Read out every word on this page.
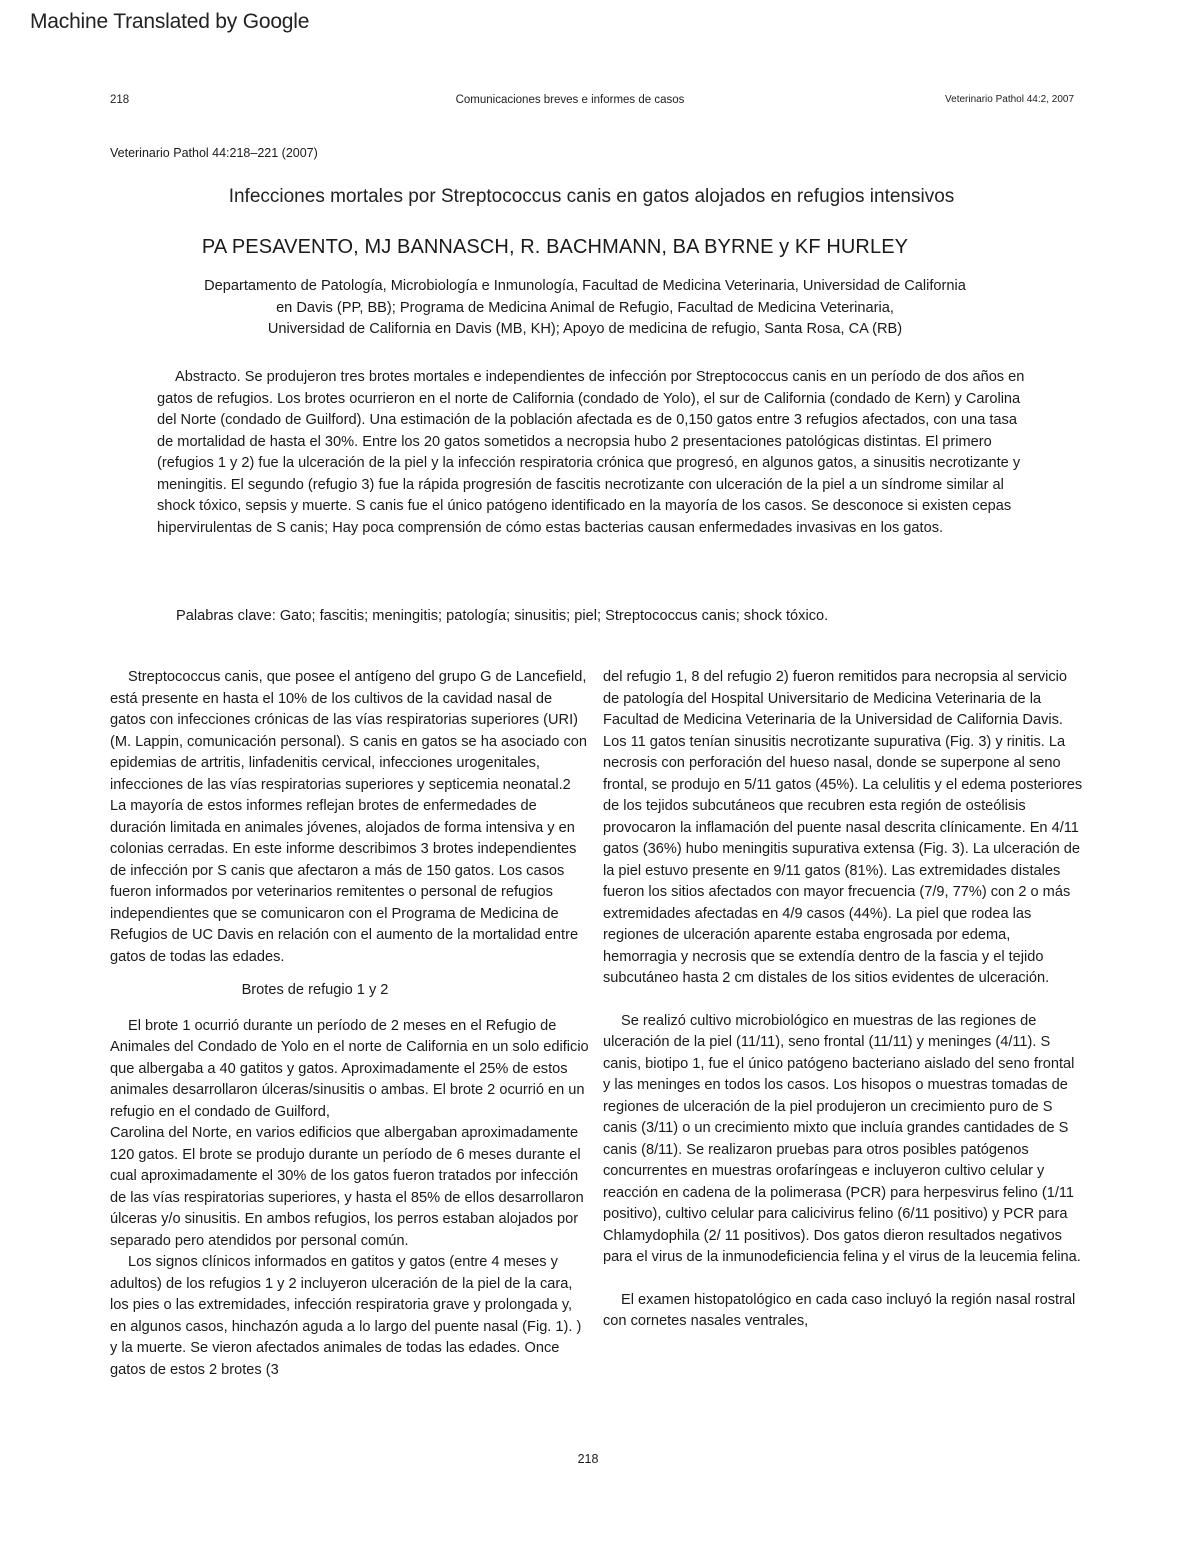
Machine Translated by Google
218	Comunicaciones breves e informes de casos	Veterinario Pathol 44:2, 2007
Veterinario Pathol 44:218–221 (2007)
Infecciones mortales por Streptococcus canis en gatos alojados en refugios intensivos
PA PESAVENTO, MJ BANNASCH, R. BACHMANN, BA BYRNE y KF HURLEY
Departamento de Patología, Microbiología e Inmunología, Facultad de Medicina Veterinaria, Universidad de California
en Davis (PP, BB); Programa de Medicina Animal de Refugio, Facultad de Medicina Veterinaria,
Universidad de California en Davis (MB, KH); Apoyo de medicina de refugio, Santa Rosa, CA (RB)
Abstracto. Se produjeron tres brotes mortales e independientes de infección por Streptococcus canis en un período de dos años en gatos de refugios. Los brotes ocurrieron en el norte de California (condado de Yolo), el sur de California (condado de Kern) y Carolina del Norte (condado de Guilford). Una estimación de la población afectada es de 0,150 gatos entre 3 refugios afectados, con una tasa de mortalidad de hasta el 30%. Entre los 20 gatos sometidos a necropsia hubo 2 presentaciones patológicas distintas. El primero (refugios 1 y 2) fue la ulceración de la piel y la infección respiratoria crónica que progresó, en algunos gatos, a sinusitis necrotizante y meningitis. El segundo (refugio 3) fue la rápida progresión de fascitis necrotizante con ulceración de la piel a un síndrome similar al shock tóxico, sepsis y muerte. S canis fue el único patógeno identificado en la mayoría de los casos. Se desconoce si existen cepas hipervirulentas de S canis; Hay poca comprensión de cómo estas bacterias causan enfermedades invasivas en los gatos.
Palabras clave: Gato; fascitis; meningitis; patología; sinusitis; piel; Streptococcus canis; shock tóxico.

Streptococcus canis, que posee el antígeno del grupo G de Lancefield, está presente en hasta el 10% de los cultivos de la cavidad nasal de gatos con infecciones crónicas de las vías respiratorias superiores (URI) (M. Lappin, comunicación personal). S canis en gatos se ha asociado con epidemias de artritis, linfadenitis cervical, infecciones urogenitales, infecciones de las vías respiratorias superiores y septicemia neonatal.2 La mayoría de estos informes reflejan brotes de enfermedades de duración limitada en animales jóvenes, alojados de forma intensiva y en colonias cerradas. En este informe describimos 3 brotes independientes de infección por S canis que afectaron a más de 150 gatos. Los casos fueron informados por veterinarios remitentes o personal de refugios independientes que se comunicaron con el Programa de Medicina de Refugios de UC Davis en relación con el aumento de la mortalidad entre gatos de todas las edades.

Brotes de refugio 1 y 2

El brote 1 ocurrió durante un período de 2 meses en el Refugio de Animales del Condado de Yolo en el norte de California en un solo edificio que albergaba a 40 gatitos y gatos. Aproximadamente el 25% de estos animales desarrollaron úlceras/sinusitis o ambas. El brote 2 ocurrió en un refugio en el condado de Guilford,

Carolina del Norte, en varios edificios que albergaban aproximadamente 120 gatos. El brote se produjo durante un período de 6 meses durante el cual aproximadamente el 30% de los gatos fueron tratados por infección de las vías respiratorias superiores, y hasta el 85% de ellos desarrollaron úlceras y/o sinusitis. En ambos refugios, los perros estaban alojados por separado pero atendidos por personal común.

Los signos clínicos informados en gatitos y gatos (entre 4 meses y adultos) de los refugios 1 y 2 incluyeron ulceración de la piel de la cara, los pies o las extremidades, infección respiratoria grave y prolongada y, en algunos casos, hinchazón aguda a lo largo del puente nasal (Fig. 1). ) y la muerte. Se vieron afectados animales de todas las edades. Once gatos de estos 2 brotes (3

del refugio 1, 8 del refugio 2) fueron remitidos para necropsia al servicio de patología del Hospital Universitario de Medicina Veterinaria de la Facultad de Medicina Veterinaria de la Universidad de California Davis. Los 11 gatos tenían sinusitis necrotizante supurativa (Fig. 3) y rinitis. La necrosis con perforación del hueso nasal, donde se superpone al seno frontal, se produjo en 5/11 gatos (45%). La celulitis y el edema posteriores de los tejidos subcutáneos que recubren esta región de osteólisis provocaron la inflamación del puente nasal descrita clínicamente. En 4/11 gatos (36%) hubo meningitis supurativa extensa (Fig. 3). La ulceración de la piel estuvo presente en 9/11 gatos (81%). Las extremidades distales fueron los sitios afectados con mayor frecuencia (7/9, 77%) con 2 o más extremidades afectadas en 4/9 casos (44%). La piel que rodea las regiones de ulceración aparente estaba engrosada por edema, hemorragia y necrosis que se extendía dentro de la fascia y el tejido subcutáneo hasta 2 cm distales de los sitios evidentes de ulceración.

Se realizó cultivo microbiológico en muestras de las regiones de ulceración de la piel (11/11), seno frontal (11/11) y meninges (4/11). S canis, biotipo 1, fue el único patógeno bacteriano aislado del seno frontal y las meninges en todos los casos. Los hisopos o muestras tomadas de regiones de ulceración de la piel produjeron un crecimiento puro de S canis (3/11) o un crecimiento mixto que incluía grandes cantidades de S canis (8/11). Se realizaron pruebas para otros posibles patógenos concurrentes en muestras orofaríngeas e incluyeron cultivo celular y reacción en cadena de la polimerasa (PCR) para herpesvirus felino (1/11 positivo), cultivo celular para calicivirus felino (6/11 positivo) y PCR para Chlamydophila (2/ 11 positivos). Dos gatos dieron resultados negativos para el virus de la inmunodeficiencia felina y el virus de la leucemia felina.

El examen histopatológico en cada caso incluyó la región nasal rostral con cornetes nasales ventrales,

218
